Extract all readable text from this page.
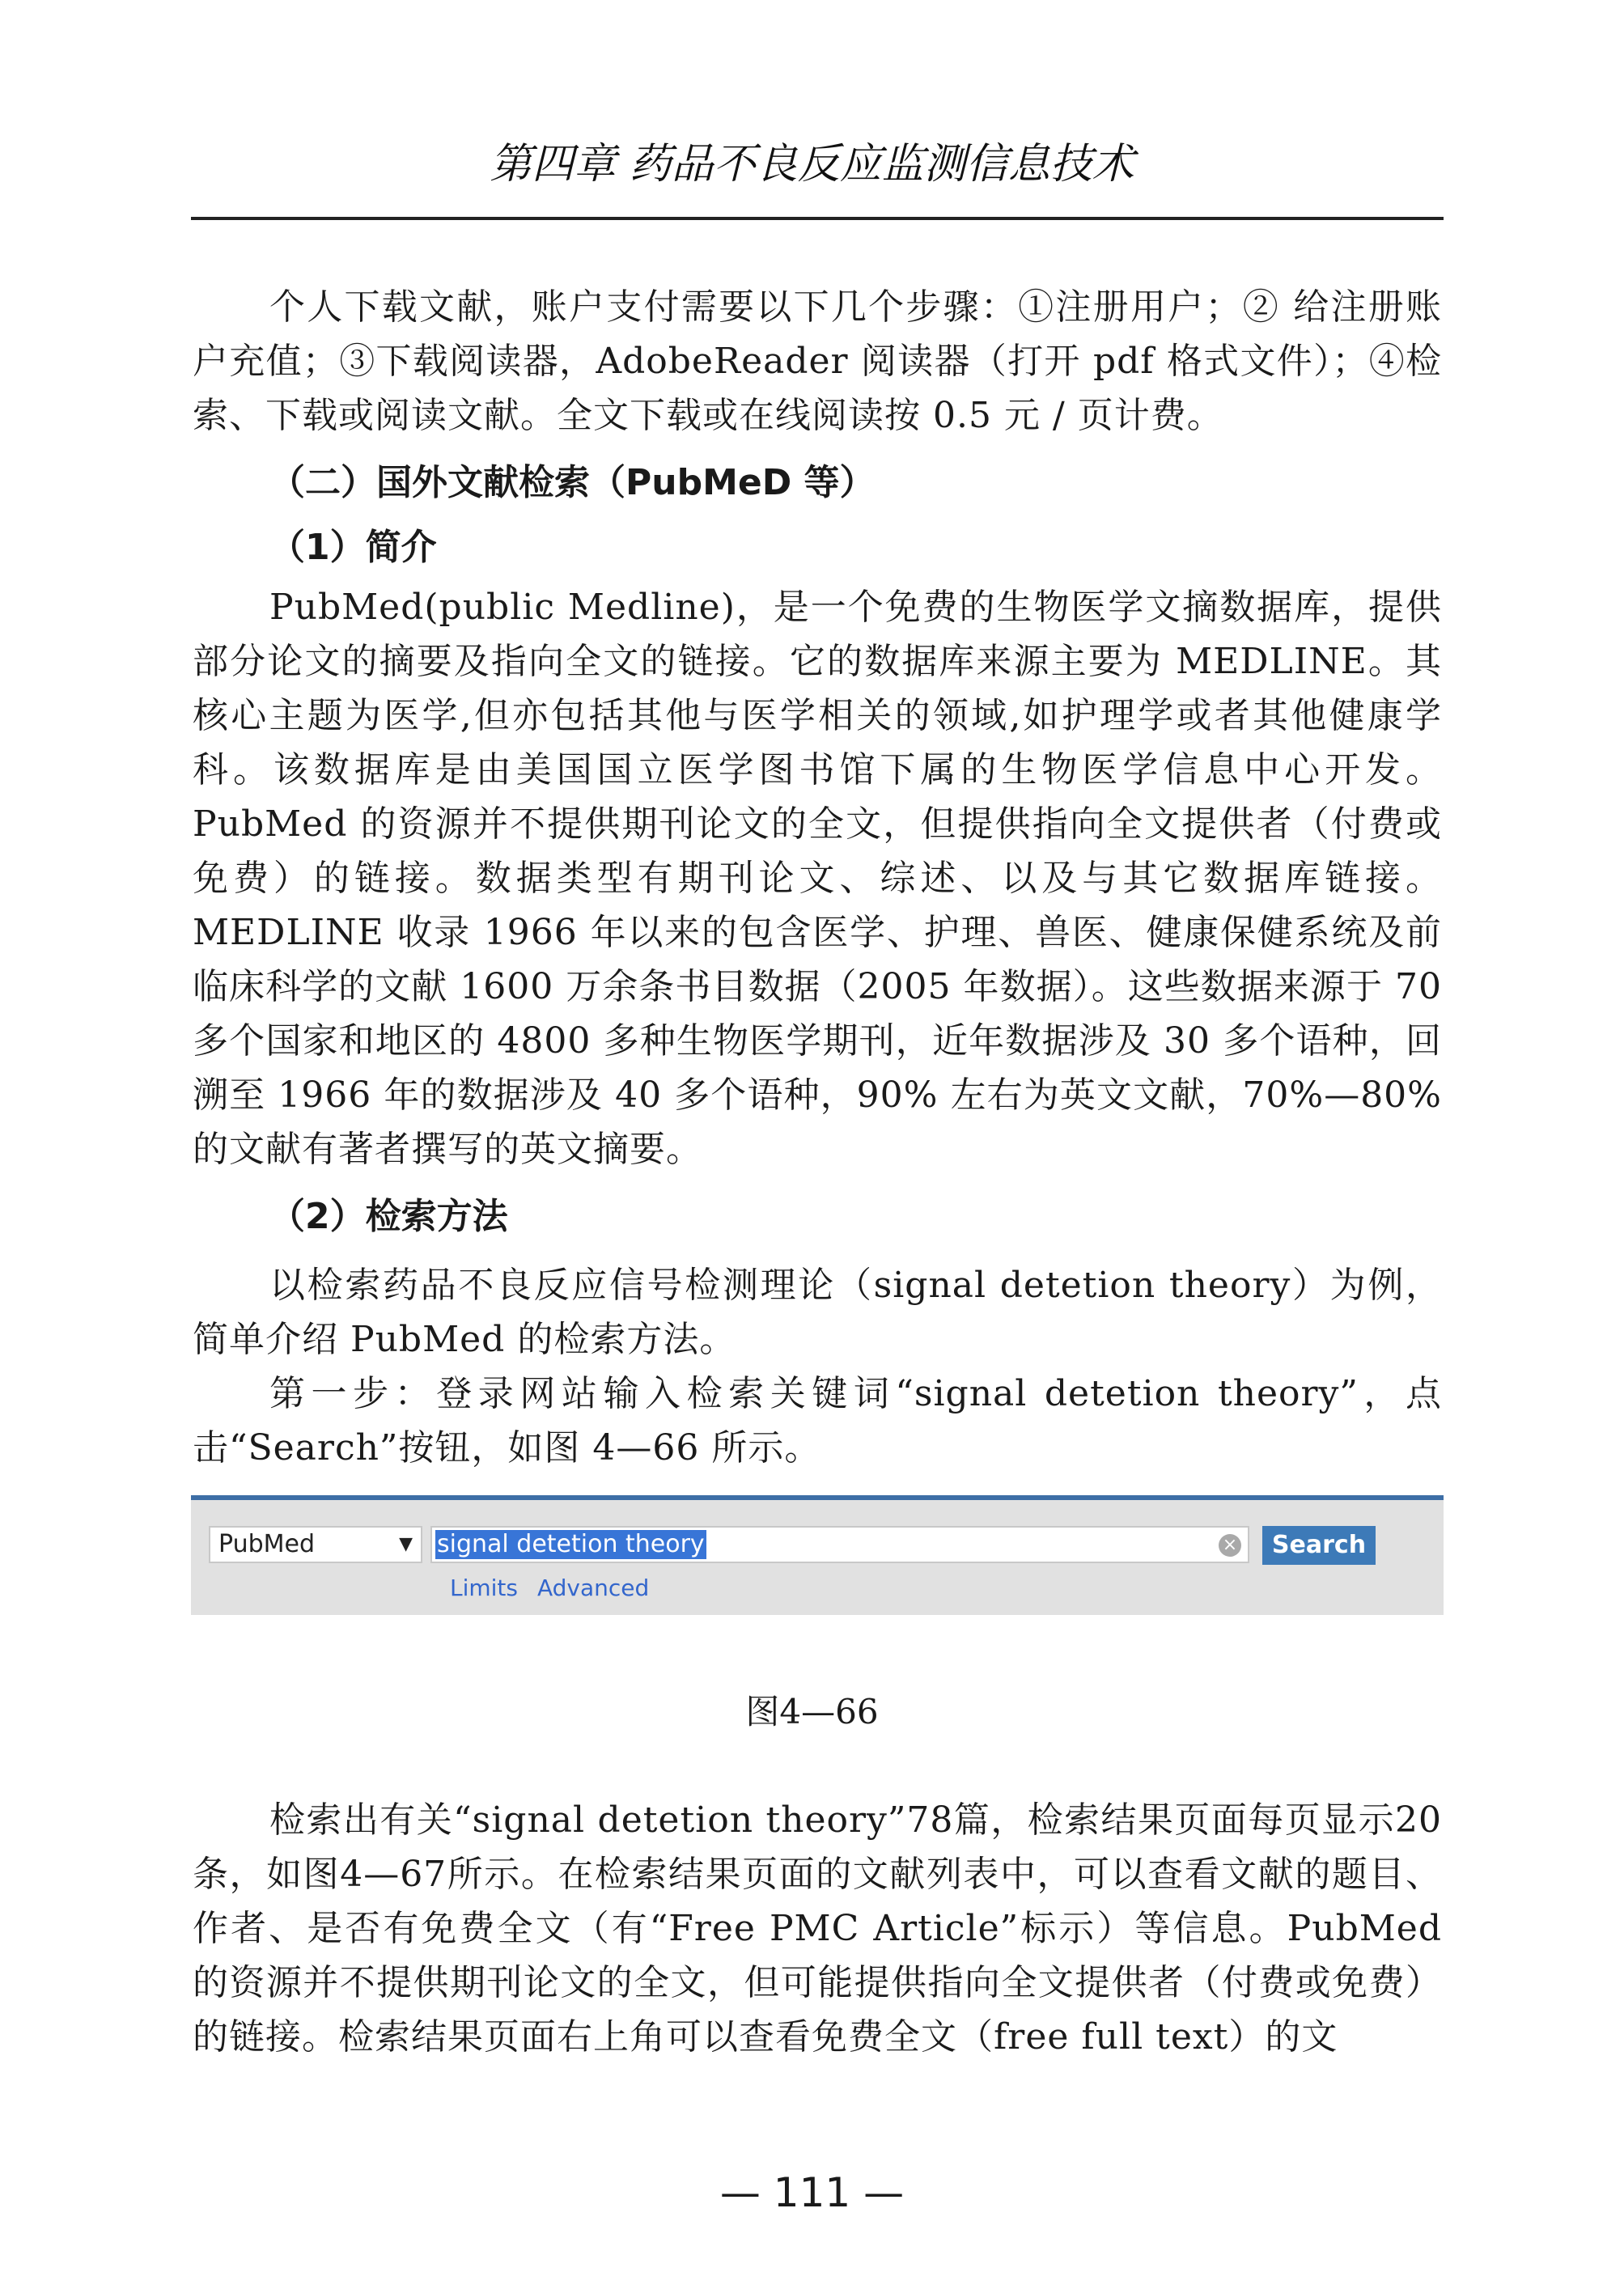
第四章 药品不良反应监测信息技术

个人下载文献，账户支付需要以下几个步骤：①注册用户；② 给注册账户充值；③下载阅读器，AdobeReader 阅读器（打开 pdf 格式文件）；④检索、下载或阅读文献。全文下载或在线阅读按 0.5 元 / 页计费。

（二）国外文献检索（PubMeD 等）
（1）简介

PubMed(public Medline)，是一个免费的生物医学文摘数据库，提供部分论文的摘要及指向全文的链接。它的数据库来源主要为 MEDLINE。其核心主题为医学,但亦包括其他与医学相关的领域,如护理学或者其他健康学科。该数据库是由美国国立医学图书馆下属的生物医学信息中心开发。PubMed 的资源并不提供期刊论文的全文，但提供指向全文提供者（付费或免费）的链接。数据类型有期刊论文、综述、以及与其它数据库链接。MEDLINE 收录 1966 年以来的包含医学、护理、兽医、健康保健系统及前临床科学的文献 1600 万余条书目数据（2005 年数据）。这些数据来源于 70 多个国家和地区的 4800 多种生物医学期刊，近年数据涉及 30 多个语种，回溯至 1966 年的数据涉及 40 多个语种，90% 左右为英文文献，70%—80% 的文献有著者撰写的英文摘要。

（2）检索方法

以检索药品不良反应信号检测理论（signal detetion theory）为例，简单介绍 PubMed 的检索方法。

第一步：登录网站输入检索关键词“signal detetion theory”，点击“Search”按钮，如图 4—66 所示。

PubMed	▼ signal detetion theory	×	Search
Limits Advanced
图4—66

检索出有关“signal detetion theory”78篇，检索结果页面每页显示20条，如图4—67所示。在检索结果页面的文献列表中，可以查看文献的题目、作者、是否有免费全文（有“Free PMC Article”标示）等信息。PubMed 的资源并不提供期刊论文的全文，但可能提供指向全文提供者（付费或免费）的链接。检索结果页面右上角可以查看免费全文（free full text）的文

— 111 —
